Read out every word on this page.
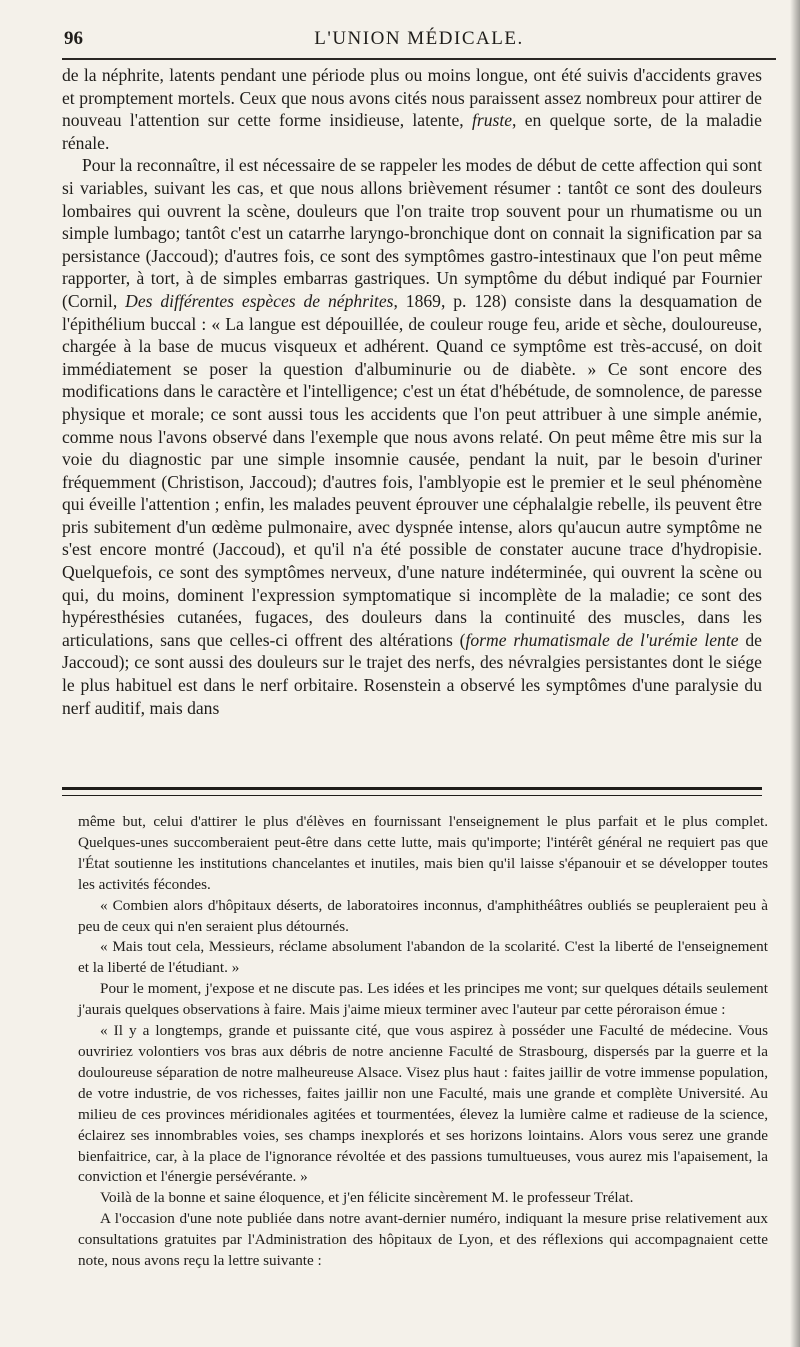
96	L'UNION MÉDICALE.

de la néphrite, latents pendant une période plus ou moins longue, ont été suivis d'accidents graves et promptement mortels. Ceux que nous avons cités nous paraissent assez nombreux pour attirer de nouveau l'attention sur cette forme insidieuse, latente, fruste, en quelque sorte, de la maladie rénale.

Pour la reconnaître, il est nécessaire de se rappeler les modes de début de cette affection qui sont si variables, suivant les cas, et que nous allons brièvement résumer : tantôt ce sont des douleurs lombaires qui ouvrent la scène, douleurs que l'on traite trop souvent pour un rhumatisme ou un simple lumbago; tantôt c'est un catarrhe laryngo-bronchique dont on connait la signification par sa persistance (Jaccoud); d'autres fois, ce sont des symptômes gastro-intestinaux que l'on peut même rapporter, à tort, à de simples embarras gastriques. Un symptôme du début indiqué par Fournier (Cornil, Des différentes espèces de néphrites, 1869, p. 128) consiste dans la desquamation de l'épithélium buccal : « La langue est dépouillée, de couleur rouge feu, aride et sèche, douloureuse, chargée à la base de mucus visqueux et adhérent. Quand ce symptôme est très-accusé, on doit immédiatement se poser la question d'albuminurie ou de diabète. » Ce sont encore des modifications dans le caractère et l'intelligence; c'est un état d'hébétude, de somnolence, de paresse physique et morale; ce sont aussi tous les accidents que l'on peut attribuer à une simple anémie, comme nous l'avons observé dans l'exemple que nous avons relaté. On peut même être mis sur la voie du diagnostic par une simple insomnie causée, pendant la nuit, par le besoin d'uriner fréquemment (Christison, Jaccoud); d'autres fois, l'amblyopie est le premier et le seul phénomène qui éveille l'attention ; enfin, les malades peuvent éprouver une céphalalgie rebelle, ils peuvent être pris subitement d'un œdème pulmonaire, avec dyspnée intense, alors qu'aucun autre symptôme ne s'est encore montré (Jaccoud), et qu'il n'a été possible de constater aucune trace d'hydropisie. Quelquefois, ce sont des symptômes nerveux, d'une nature indéterminée, qui ouvrent la scène ou qui, du moins, dominent l'expression symptomatique si incomplète de la maladie; ce sont des hypéresthésies cutanées, fugaces, des douleurs dans la continuité des muscles, dans les articulations, sans que celles-ci offrent des altérations (forme rhumatismale de l'urémie lente de Jaccoud); ce sont aussi des douleurs sur le trajet des nerfs, des névralgies persistantes dont le siége le plus habituel est dans le nerf orbitaire. Rosenstein a observé les symptômes d'une paralysie du nerf auditif, mais dans

même but, celui d'attirer le plus d'élèves en fournissant l'enseignement le plus parfait et le plus complet. Quelques-unes succomberaient peut-être dans cette lutte, mais qu'importe; l'intérêt général ne requiert pas que l'État soutienne les institutions chancelantes et inutiles, mais bien qu'il laisse s'épanouir et se développer toutes les activités fécondes.

« Combien alors d'hôpitaux déserts, de laboratoires inconnus, d'amphithéâtres oubliés se peupleraient peu à peu de ceux qui n'en seraient plus détournés.

« Mais tout cela, Messieurs, réclame absolument l'abandon de la scolarité. C'est la liberté de l'enseignement et la liberté de l'étudiant. »

Pour le moment, j'expose et ne discute pas. Les idées et les principes me vont; sur quelques détails seulement j'aurais quelques observations à faire. Mais j'aime mieux terminer avec l'auteur par cette péroraison émue :

« Il y a longtemps, grande et puissante cité, que vous aspirez à posséder une Faculté de médecine. Vous ouvririez volontiers vos bras aux débris de notre ancienne Faculté de Strasbourg, dispersés par la guerre et la douloureuse séparation de notre malheureuse Alsace. Visez plus haut : faites jaillir de votre immense population, de votre industrie, de vos richesses, faites jaillir non une Faculté, mais une grande et complète Université. Au milieu de ces provinces méridionales agitées et tourmentées, élevez la lumière calme et radieuse de la science, éclairez ses innombrables voies, ses champs inexplorés et ses horizons lointains. Alors vous serez une grande bienfaitrice, car, à la place de l'ignorance révoltée et des passions tumultueuses, vous aurez mis l'apaisement, la conviction et l'énergie persévérante. »

Voilà de la bonne et saine éloquence, et j'en félicite sincèrement M. le professeur Trélat.

A l'occasion d'une note publiée dans notre avant-dernier numéro, indiquant la mesure prise relativement aux consultations gratuites par l'Administration des hôpitaux de Lyon, et des réflexions qui accompagnaient cette note, nous avons reçu la lettre suivante :
